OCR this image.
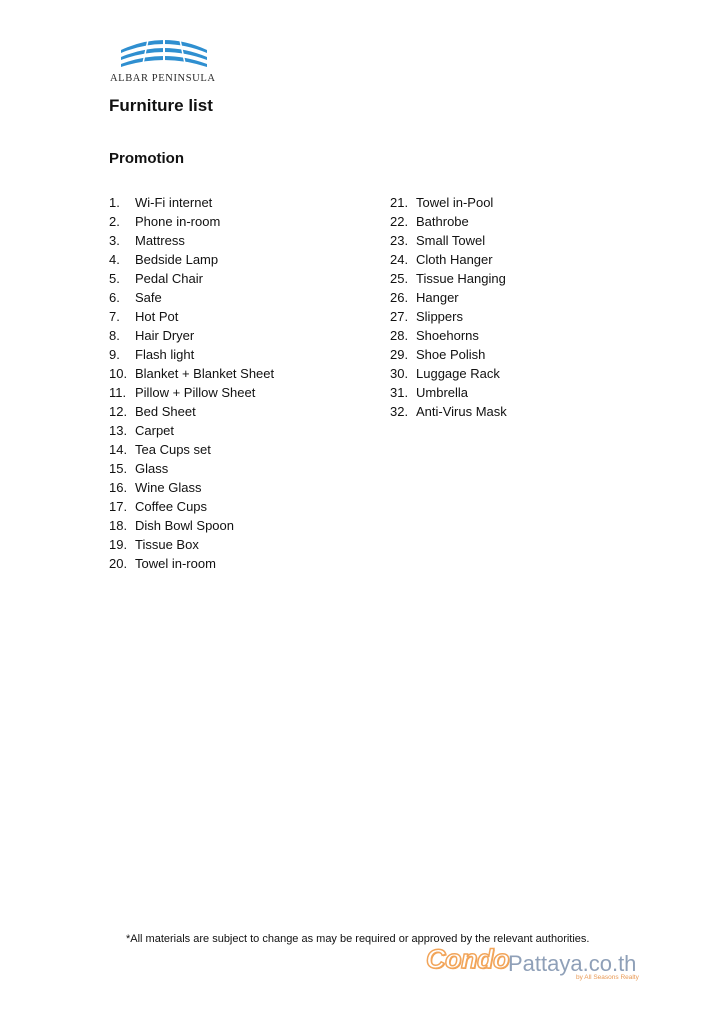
ALBAR PENINSULA
Furniture list
Promotion
1. Wi-Fi internet
2. Phone in-room
3. Mattress
4. Bedside Lamp
5. Pedal Chair
6. Safe
7. Hot Pot
8. Hair Dryer
9. Flash light
10. Blanket + Blanket Sheet
11. Pillow + Pillow Sheet
12. Bed Sheet
13. Carpet
14. Tea Cups set
15. Glass
16. Wine Glass
17. Coffee Cups
18. Dish Bowl Spoon
19. Tissue Box
20. Towel in-room
21. Towel in-Pool
22. Bathrobe
23. Small Towel
24. Cloth Hanger
25. Tissue Hanging
26. Hanger
27. Slippers
28. Shoehorns
29. Shoe Polish
30. Luggage Rack
31. Umbrella
32. Anti-Virus Mask
*All materials are subject to change as may be required or approved by the relevant authorities.
Condo Pattaya.co.th
by All Seasons Realty
